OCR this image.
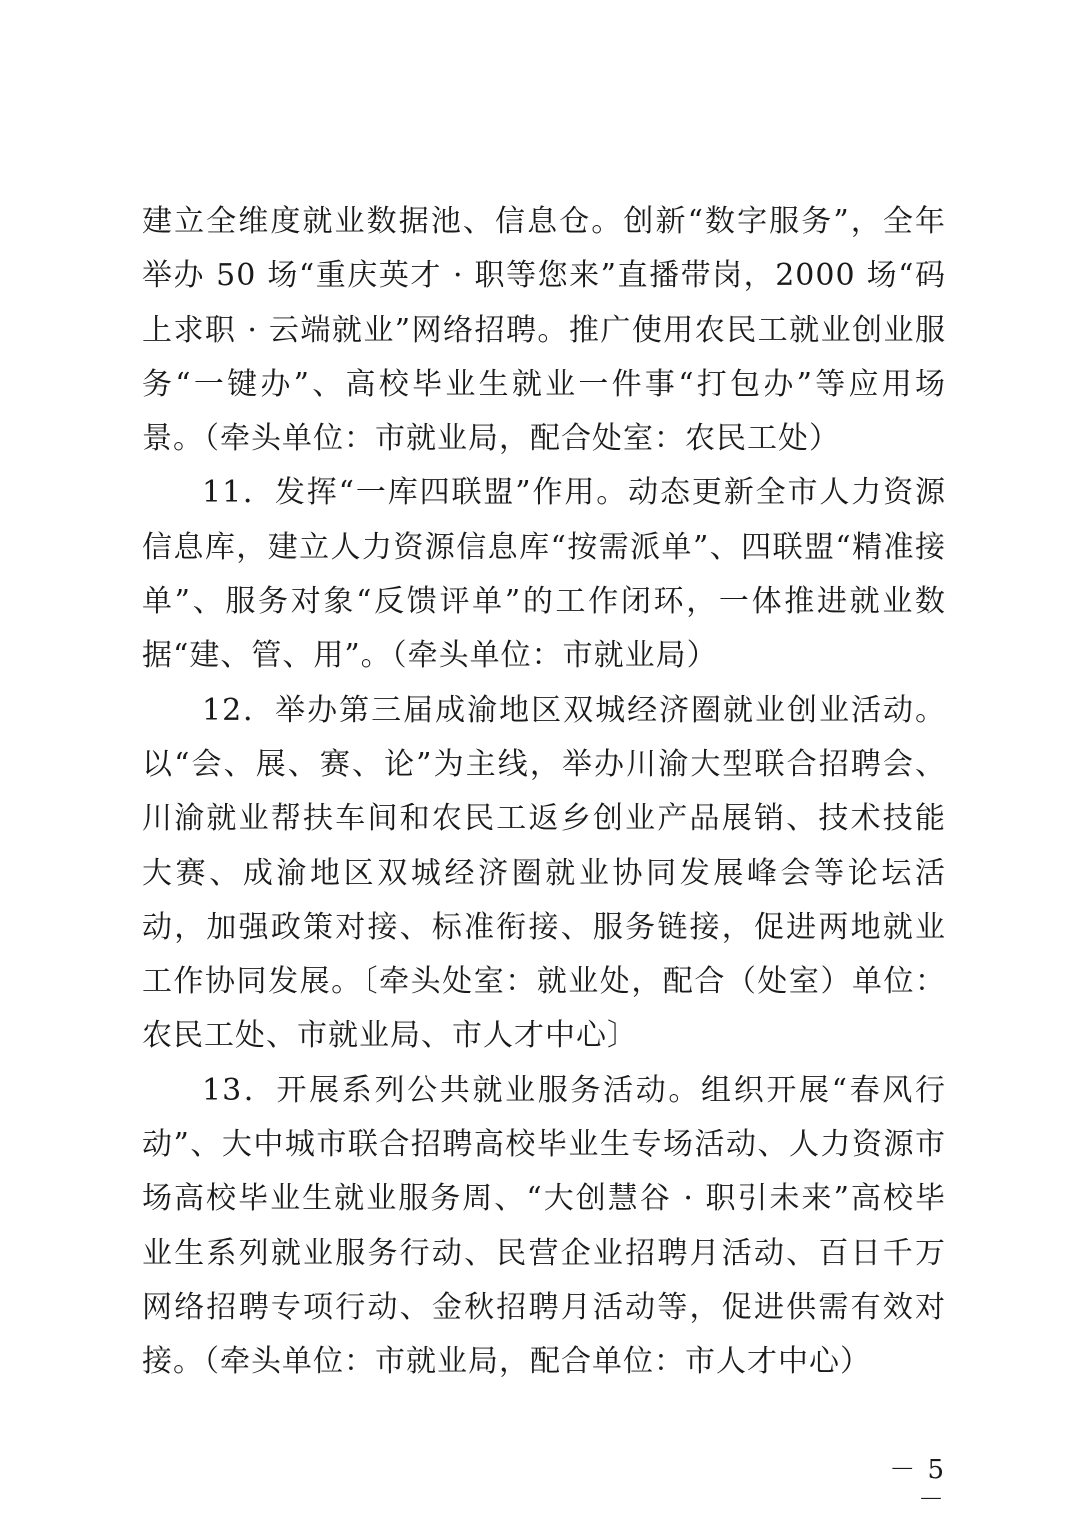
建立全维度就业数据池、信息仓。创新“数字服务”，全年举办 50 场“重庆英才 · 职等您来”直播带岗，2000 场“码上求职 · 云端就业”网络招聘。推广使用农民工就业创业服务“一键办”、高校毕业生就业一件事“打包办”等应用场景。（牵头单位：市就业局，配合处室：农民工处）

11．发挥“一库四联盟”作用。动态更新全市人力资源信息库，建立人力资源信息库“按需派单”、四联盟“精准接单”、服务对象“反馈评单”的工作闭环，一体推进就业数据“建、管、用”。（牵头单位：市就业局）

12．举办第三届成渝地区双城经济圈就业创业活动。以“会、展、赛、论”为主线，举办川渝大型联合招聘会、川渝就业帮扶车间和农民工返乡创业产品展销、技术技能大赛、成渝地区双城经济圈就业协同发展峰会等论坛活动，加强政策对接、标准衔接、服务链接，促进两地就业工作协同发展。〔牵头处室：就业处，配合（处室）单位：农民工处、市就业局、市人才中心〕

13．开展系列公共就业服务活动。组织开展“春风行动”、大中城市联合招聘高校毕业生专场活动、人力资源市场高校毕业生就业服务周、“大创慧谷 · 职引未来”高校毕业生系列就业服务行动、民营企业招聘月活动、百日千万网络招聘专项行动、金秋招聘月活动等，促进供需有效对接。（牵头单位：市就业局，配合单位：市人才中心）

－ 5 －
